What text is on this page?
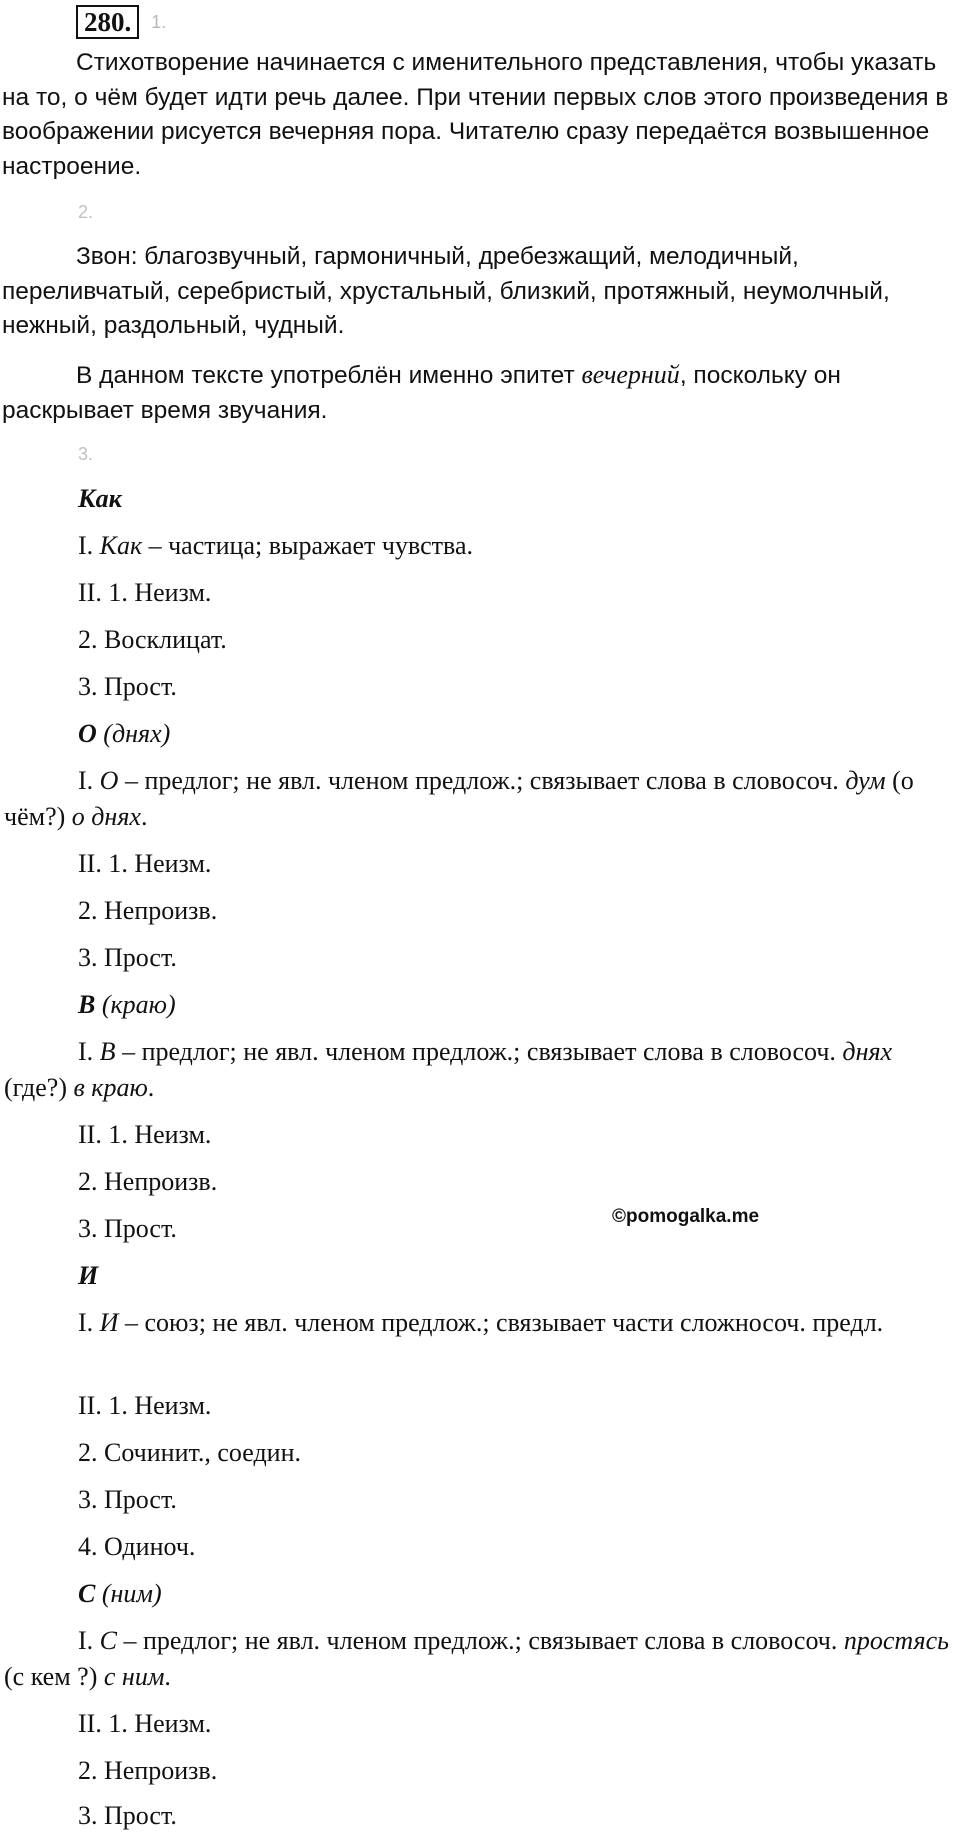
280.	1.

Стихотворение начинается с именительного представления, чтобы указать на то, о чём будет идти речь далее. При чтении первых слов этого произведения в воображении рисуется вечерняя пора. Читателю сразу передаётся возвышенное настроение.

2.

Звон: благозвучный, гармоничный, дребезжащий, мелодичный, переливчатый, серебристый, хрустальный, близкий, протяжный, неумолчный, нежный, раздольный, чудный.

В данном тексте употреблён именно эпитет вечерний, поскольку он раскрывает время звучания.

3.

Как

I. Как – частица; выражает чувства.

II. 1. Неизм.

2. Восклицат.

3. Прост.

О (днях)

I. О – предлог; не явл. членом предлож.; связывает слова в словосоч. дум (о чём?) о днях.

II. 1. Неизм.

2. Непроизв.

3. Прост.

В (краю)

I. В – предлог; не явл. членом предлож.; связывает слова в словосоч. днях (где?) в краю.

II. 1. Неизм.

2. Непроизв.

3. Прост.	©pomogalka.me

И

I. И – союз; не явл. членом предлож.; связывает части сложносоч. предл.

II. 1. Неизм.

2. Сочинит., соедин.

3. Прост.

4. Одиноч.

С (ним)

I. С – предлог; не явл. членом предлож.; связывает слова в словосоч. простясь (с кем ?) с ним.

II. 1. Неизм.

2. Непроизв.

3. Прост.
